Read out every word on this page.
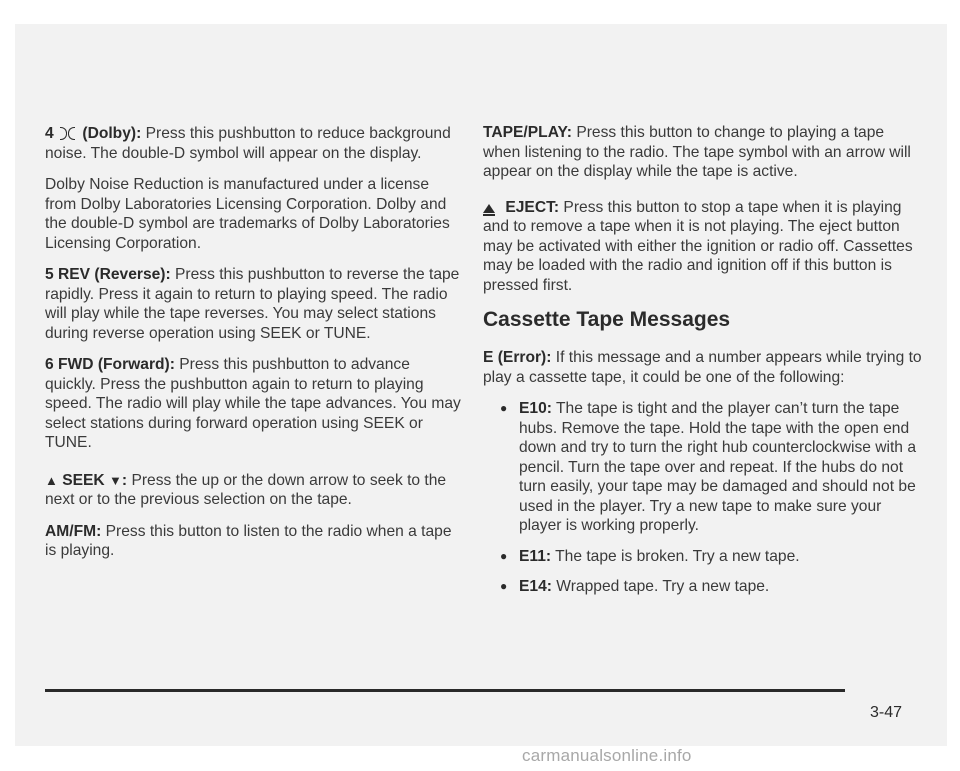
4 (Dolby): Press this pushbutton to reduce background noise. The double-D symbol will appear on the display.

Dolby Noise Reduction is manufactured under a license from Dolby Laboratories Licensing Corporation. Dolby and the double-D symbol are trademarks of Dolby Laboratories Licensing Corporation.

5 REV (Reverse): Press this pushbutton to reverse the tape rapidly. Press it again to return to playing speed. The radio will play while the tape reverses. You may select stations during reverse operation using SEEK or TUNE.

6 FWD (Forward): Press this pushbutton to advance quickly. Press the pushbutton again to return to playing speed. The radio will play while the tape advances. You may select stations during forward operation using SEEK or TUNE.

▲ SEEK ▼: Press the up or the down arrow to seek to the next or to the previous selection on the tape.

AM/FM: Press this button to listen to the radio when a tape is playing.

TAPE/PLAY: Press this button to change to playing a tape when listening to the radio. The tape symbol with an arrow will appear on the display while the tape is active.

EJECT: Press this button to stop a tape when it is playing and to remove a tape when it is not playing. The eject button may be activated with either the ignition or radio off. Cassettes may be loaded with the radio and ignition off if this button is pressed first.

Cassette Tape Messages

E (Error): If this message and a number appears while trying to play a cassette tape, it could be one of the following:

● E10: The tape is tight and the player can’t turn the tape hubs. Remove the tape. Hold the tape with the open end down and try to turn the right hub counterclockwise with a pencil. Turn the tape over and repeat. If the hubs do not turn easily, your tape may be damaged and should not be used in the player. Try a new tape to make sure your player is working properly.
● E11: The tape is broken. Try a new tape.
● E14: Wrapped tape. Try a new tape.
3-47
carmanualsonline.info
